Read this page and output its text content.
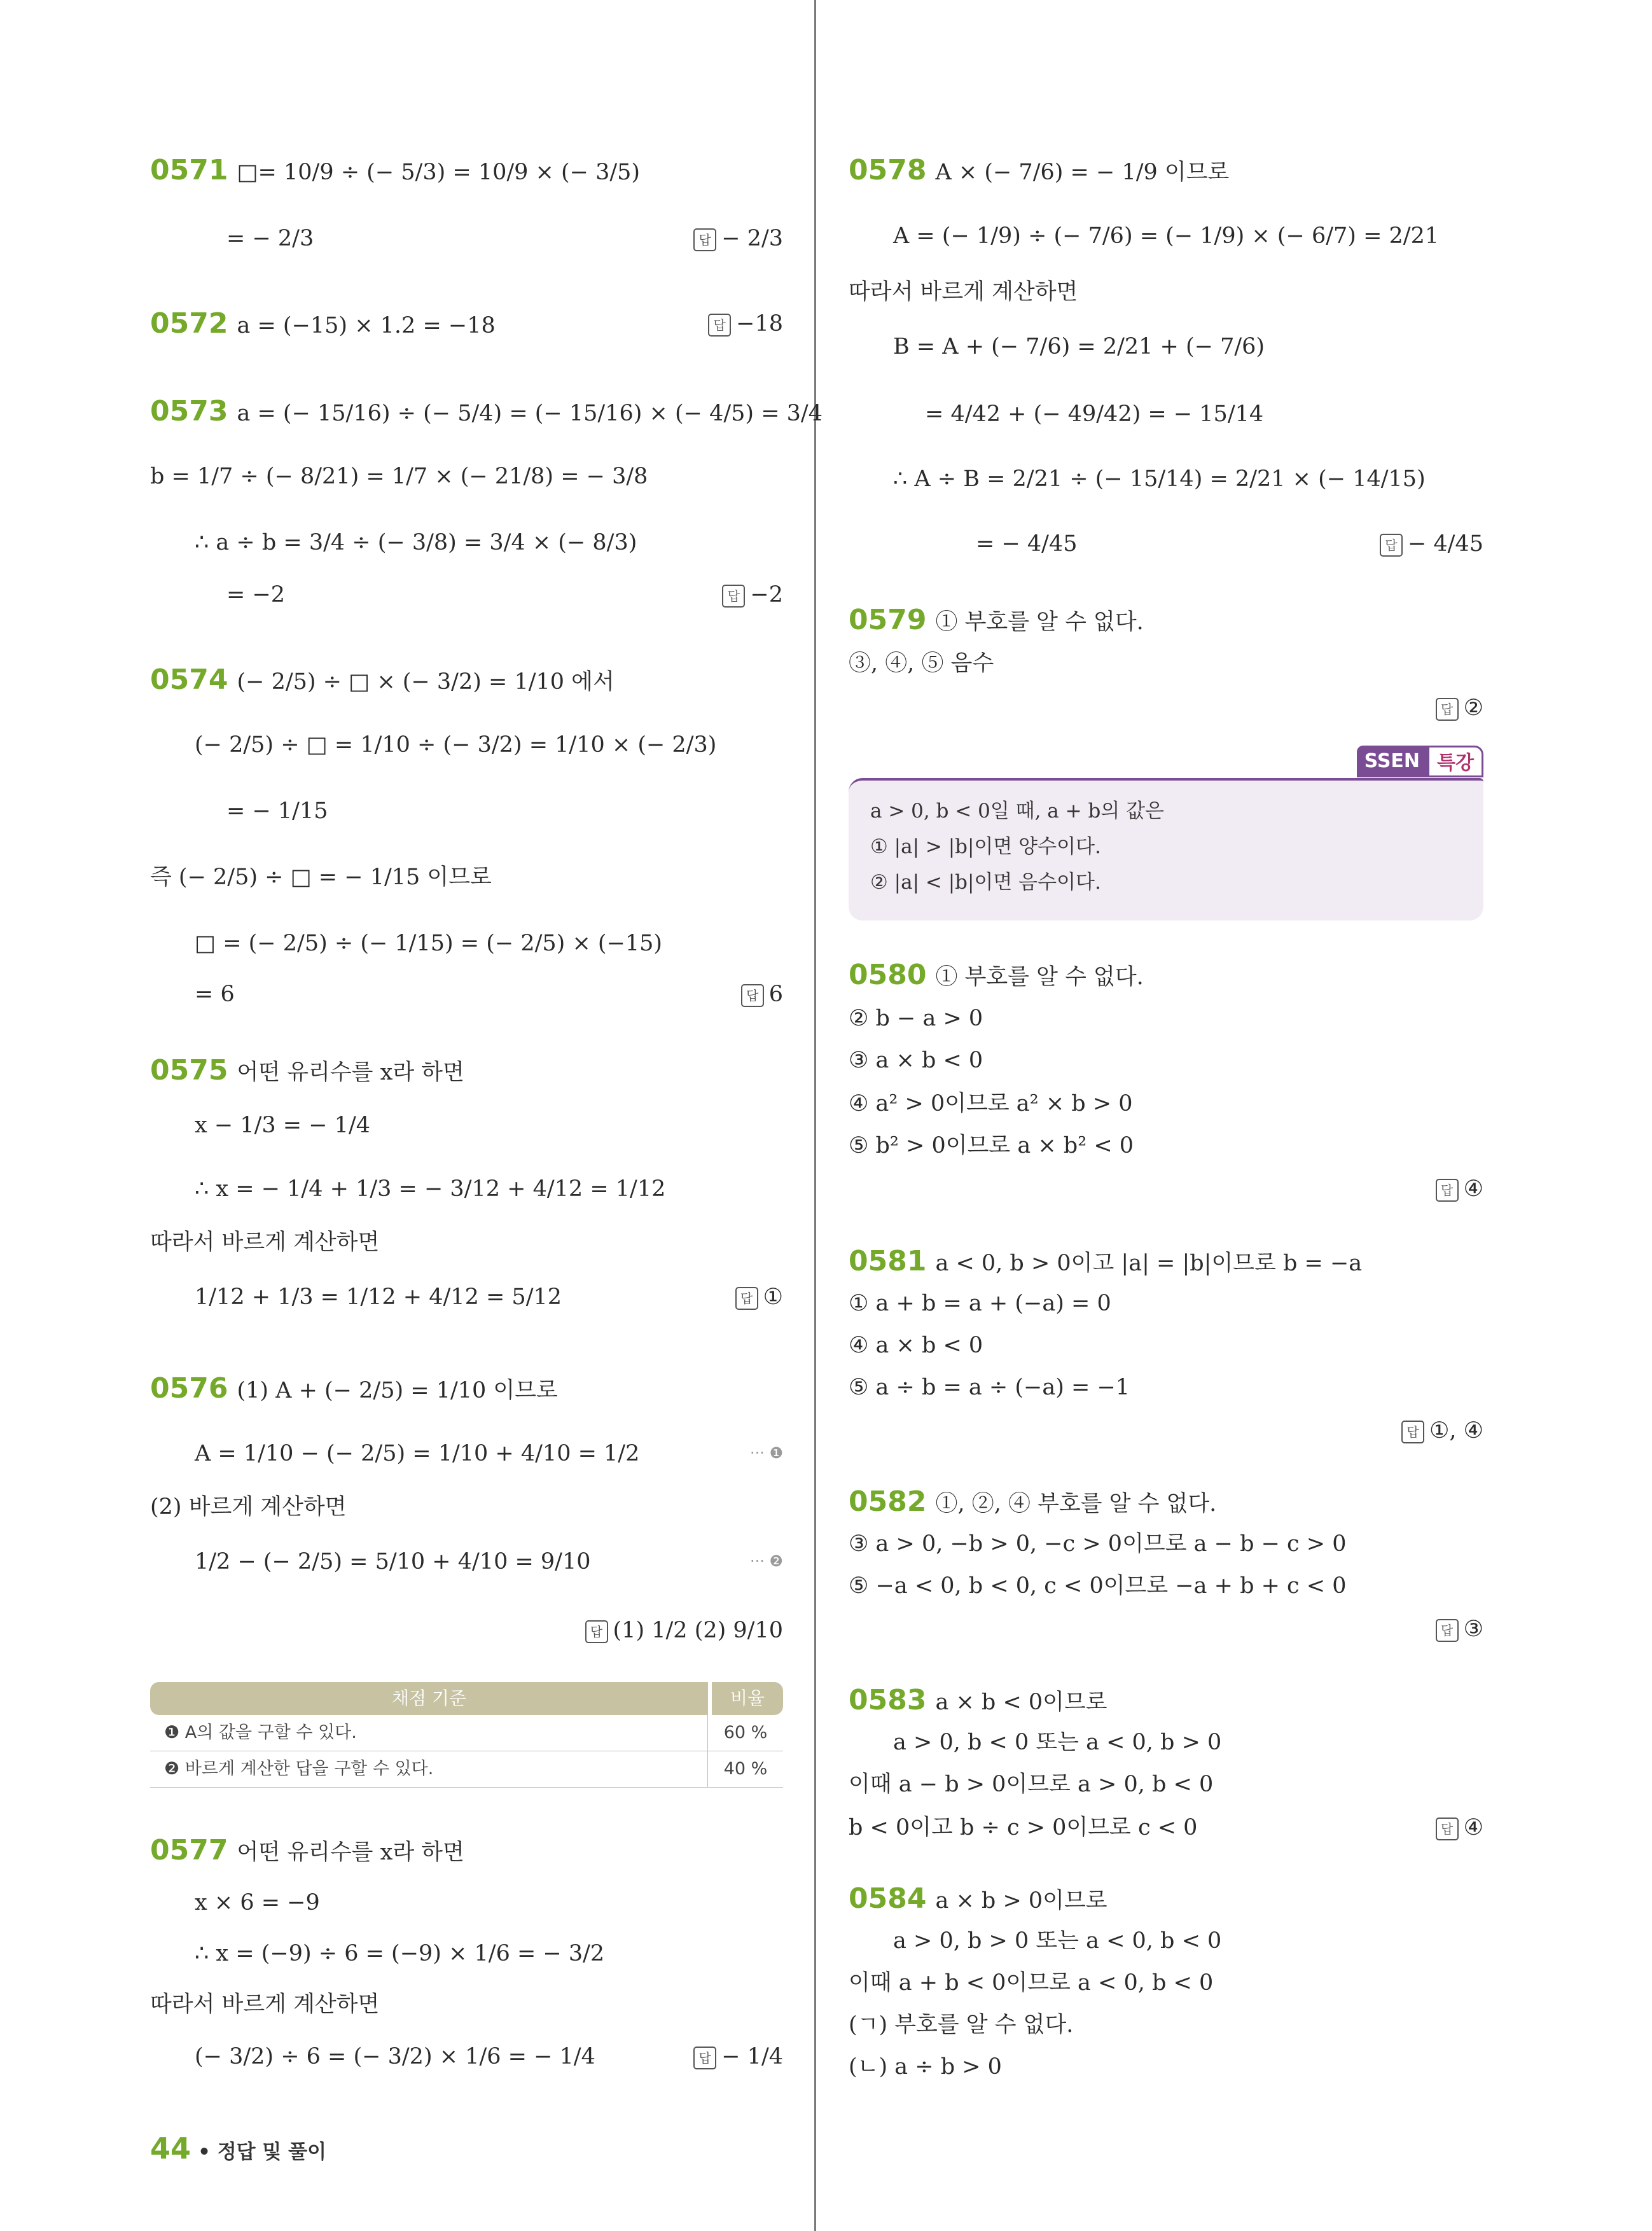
0571 □= 10/9 ÷ (− 5/3) = 10/9 × (− 3/5)
= − 2/3
0572 a = (−15) × 1.2 = −18
0573 a = (− 15/16) ÷ (− 5/4) = (− 15/16) × (− 4/5) = 3/4
b = 1/7 ÷ (− 8/21) = 1/7 × (− 21/8) = − 3/8
∴ a ÷ b = 3/4 ÷ (− 3/8) = 3/4 × (− 8/3)
= −2
0574 (− 2/5) ÷ □ × (− 3/2) = 1/10 에서
(− 2/5) ÷ □ = 1/10 ÷ (− 3/2) = 1/10 × (− 2/3)
= − 1/15
즉 (− 2/5) ÷ □ = − 1/15 이므로
□ = (− 2/5) ÷ (− 1/15) = (− 2/5) × (−15)
= 6
0575 어떤 유리수를 x라 하면
x − 1/3 = − 1/4
∴ x = − 1/4 + 1/3 = − 3/12 + 4/12 = 1/12
따라서 바르게 계산하면
1/12 + 1/3 = 1/12 + 4/12 = 5/12
0576 (1) A + (− 2/5) = 1/10 이므로
A = 1/10 − (− 2/5) = 1/10 + 4/10 = 1/2
(2) 바르게 계산하면
1/2 − (− 2/5) = 5/10 + 4/10 = 9/10
0577 어떤 유리수를 x라 하면
x × 6 = −9
∴ x = (−9) ÷ 6 = (−9) × 1/6 = − 3/2
따라서 바르게 계산하면
(− 3/2) ÷ 6 = (− 3/2) × 1/6 = − 1/4
답 − 2/3
답 −18
답 −2
답 6
답 ①
답 (1) 1/2 (2) 9/10
답 − 1/4
··· ❶
··· ❷
SSEN 특강
a > 0, b < 0일 때, a + b의 값은
① |a| > |b|이면 양수이다.
② |a| < |b|이면 음수이다.
0578 A × (− 7/6) = − 1/9 이므로
A = (− 1/9) ÷ (− 7/6) = (− 1/9) × (− 6/7) = 2/21
따라서 바르게 계산하면
B = A + (− 7/6) = 2/21 + (− 7/6)
= 4/42 + (− 49/42) = − 15/14
∴ A ÷ B = 2/21 ÷ (− 15/14) = 2/21 × (− 14/15)
= − 4/45
0579 ① 부호를 알 수 없다.
③, ④, ⑤ 음수
0580 ① 부호를 알 수 없다.
② b − a > 0
③ a × b < 0
④ a² > 0이므로 a² × b > 0
⑤ b² > 0이므로 a × b² < 0
0581 a < 0, b > 0이고 |a| = |b|이므로 b = −a
① a + b = a + (−a) = 0
④ a × b < 0
⑤ a ÷ b = a ÷ (−a) = −1
0582 ①, ②, ④ 부호를 알 수 없다.
③ a > 0, −b > 0, −c > 0이므로 a − b − c > 0
⑤ −a < 0, b < 0, c < 0이므로 −a + b + c < 0
0583 a × b < 0이므로
a > 0, b < 0 또는 a < 0, b > 0
이때 a − b > 0이므로 a > 0, b < 0
b < 0이고 b ÷ c > 0이므로 c < 0
0584 a × b > 0이므로
a > 0, b > 0 또는 a < 0, b < 0
이때 a + b < 0이므로 a < 0, b < 0
(ㄱ) 부호를 알 수 없다.
(ㄴ) a ÷ b > 0
답 − 4/45
답 ②
답 ④
답 ①, ④
답 ③
답 ④
채점 기준	비율
❶ A의 값을 구할 수 있다.	60 %
❷ 바르게 계산한 답을 구할 수 있다.	40 %
44 • 정답 및 풀이
